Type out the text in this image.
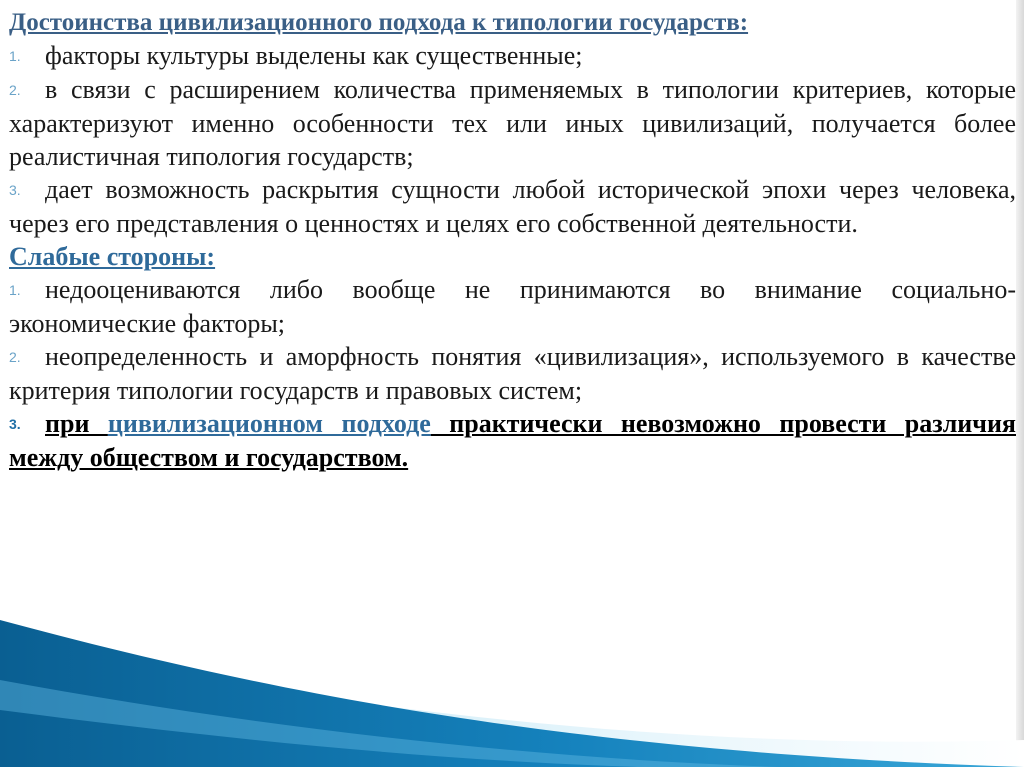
Достоинства цивилизационного подхода к типологии государств:

1. факторы культуры выделены как существенные;

2. в связи с расширением количества применяемых в типологии критериев, которые характеризуют именно особенности тех или иных цивилизаций, получается более реалистичная типология государств;

3. дает возможность раскрытия сущности любой исторической эпохи через человека, через его представления о ценностях и целях его собственной деятельности.

Слабые стороны:

1. недооцениваются либо вообще не принимаются во внимание социально-экономические факторы;

2. неопределенность и аморфность понятия «цивилизация», используемого в качестве критерия типологии государств и правовых систем;

3. при цивилизационном подходе практически невозможно провести различия между обществом и государством.
